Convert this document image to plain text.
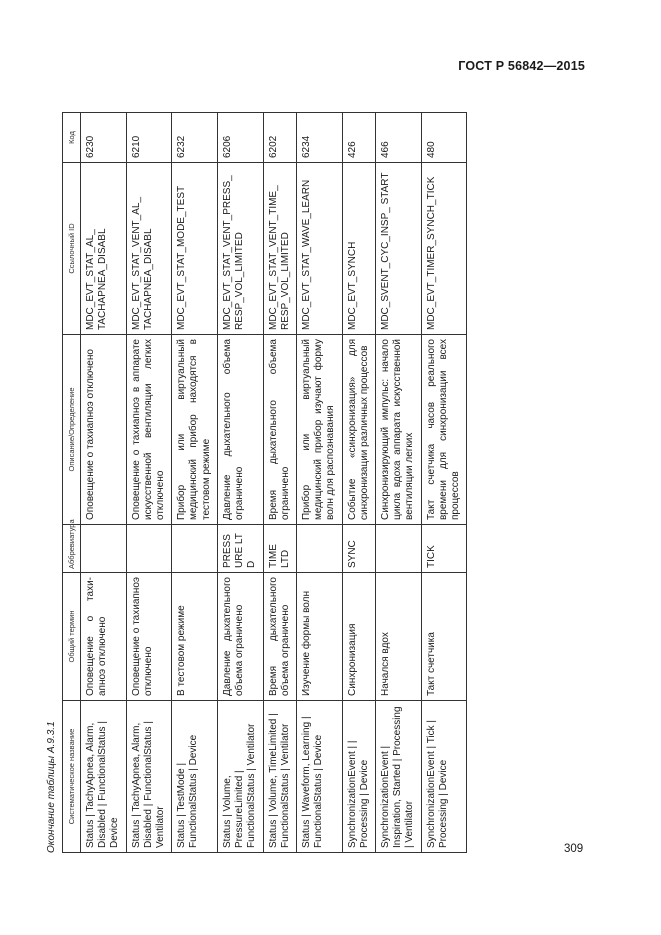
ГОСТ Р 56842—2015
Окончание таблицы А.9.3.1 Систематическое название	Общий термин	Аббревиатура	Описание/Определение	Ссылочный ID	Код
Status | TachyApnea, Alarm, Disabled | FunctionalStatus | Device	Оповещение о тахи-апноэ отключено		Оповещение о тахиапноэ отключено	MDC_EVT_STAT_AL_ TACHAPNEA_DISABL	6230
Status | TachyApnea, Alarm, Disabled | FunctionalStatus | Ventilator	Оповещение о тахиапноэ отключено		Оповещение о тахиапноэ в аппарате искусственной вентиляции легких отключено	MDC_EVT_STAT_VENT_AL_ TACHAPNEA_DISABL	6210
Status | TestMode | FunctionalStatus | Device	В тестовом режиме		Прибор или виртуальный медицинский прибор находятся в тестовом режиме	MDC_EVT_STAT_MODE_TEST	6232
Status | Volume, PressureLimited | FunctionalStatus | Ventilator	Давление дыхательного объема ограничено	PRESSURE LTD	Давление дыхательного объема ограничено	MDC_EVT_STAT_VENT_PRESS_ RESP_VOL_LIMITED	6206
Status | Volume, TimeLimited | FunctionalStatus | Ventilator	Время дыхательного объема ограничено	TIME LTD	Время дыхательного объема ограничено	MDC_EVT_STAT_VENT_TIME_ RESP_VOL_LIMITED	6202
Status | Waveform, Learning | FunctionalStatus | Device	Изучение формы волн		Прибор или виртуальный медицинский прибор изучают форму волн для распознавания	MDC_EVT_STAT_WAVE_LEARN	6234
SynchronizationEvent | | Processing | Device	Синхронизация	SYNC	Событие «синхронизация» для синхронизации различных процессов	MDC_EVT_SYNCH	426
SynchronizationEvent | Inspiration, Started | Processing | Ventilator	Начался вдох		Синхронизирующий импульс: начало цикла вдоха аппарата искусственной вентиляции легких	MDC_SVENT_CYC_INSP_ START	466
SynchronizationEvent | Tick | Processing | Device	Такт счетчика	TICK	Такт счетчика часов реального времени для синхронизации всех процессов	MDC_EVT_TIMER_SYNCH_TICK	480
309
